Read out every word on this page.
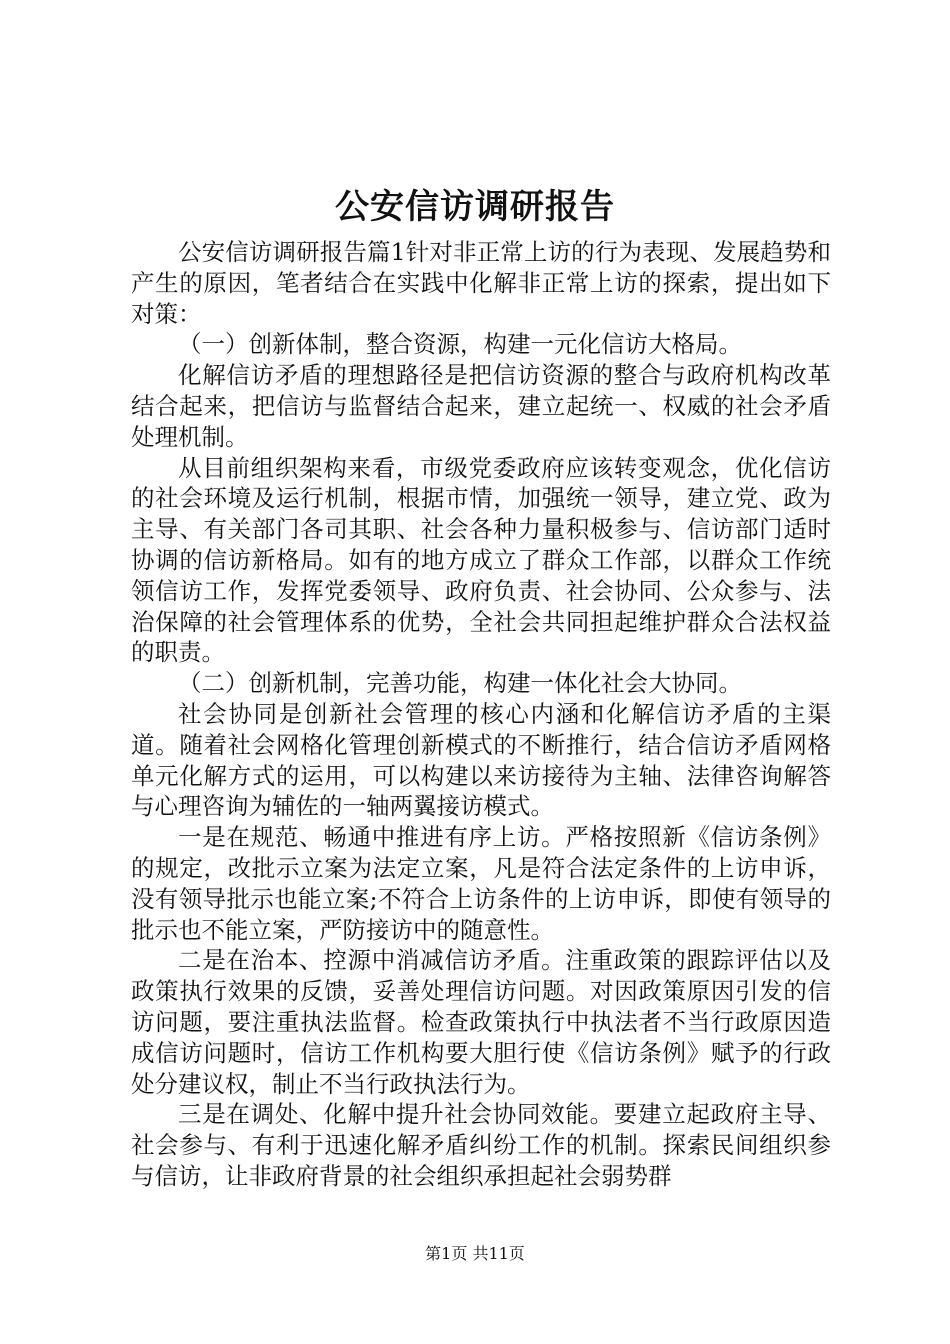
公安信访调研报告

公安信访调研报告篇1针对非正常上访的行为表现、发展趋势和产生的原因，笔者结合在实践中化解非正常上访的探索，提出如下对策：

（一）创新体制，整合资源，构建一元化信访大格局。

化解信访矛盾的理想路径是把信访资源的整合与政府机构改革结合起来，把信访与监督结合起来，建立起统一、权威的社会矛盾处理机制。

从目前组织架构来看，市级党委政府应该转变观念，优化信访的社会环境及运行机制，根据市情，加强统一领导，建立党、政为主导、有关部门各司其职、社会各种力量积极参与、信访部门适时协调的信访新格局。如有的地方成立了群众工作部，以群众工作统领信访工作，发挥党委领导、政府负责、社会协同、公众参与、法治保障的社会管理体系的优势，全社会共同担起维护群众合法权益的职责。

（二）创新机制，完善功能，构建一体化社会大协同。

社会协同是创新社会管理的核心内涵和化解信访矛盾的主渠道。随着社会网格化管理创新模式的不断推行，结合信访矛盾网格单元化解方式的运用，可以构建以来访接待为主轴、法律咨询解答与心理咨询为辅佐的一轴两翼接访模式。

一是在规范、畅通中推进有序上访。严格按照新《信访条例》的规定，改批示立案为法定立案，凡是符合法定条件的上访申诉，没有领导批示也能立案;不符合上访条件的上访申诉，即使有领导的批示也不能立案，严防接访中的随意性。

二是在治本、控源中消减信访矛盾。注重政策的跟踪评估以及政策执行效果的反馈，妥善处理信访问题。对因政策原因引发的信访问题，要注重执法监督。检查政策执行中执法者不当行政原因造成信访问题时，信访工作机构要大胆行使《信访条例》赋予的行政处分建议权，制止不当行政执法行为。

三是在调处、化解中提升社会协同效能。要建立起政府主导、社会参与、有利于迅速化解矛盾纠纷工作的机制。探索民间组织参与信访，让非政府背景的社会组织承担起社会弱势群

第1页 共11页
